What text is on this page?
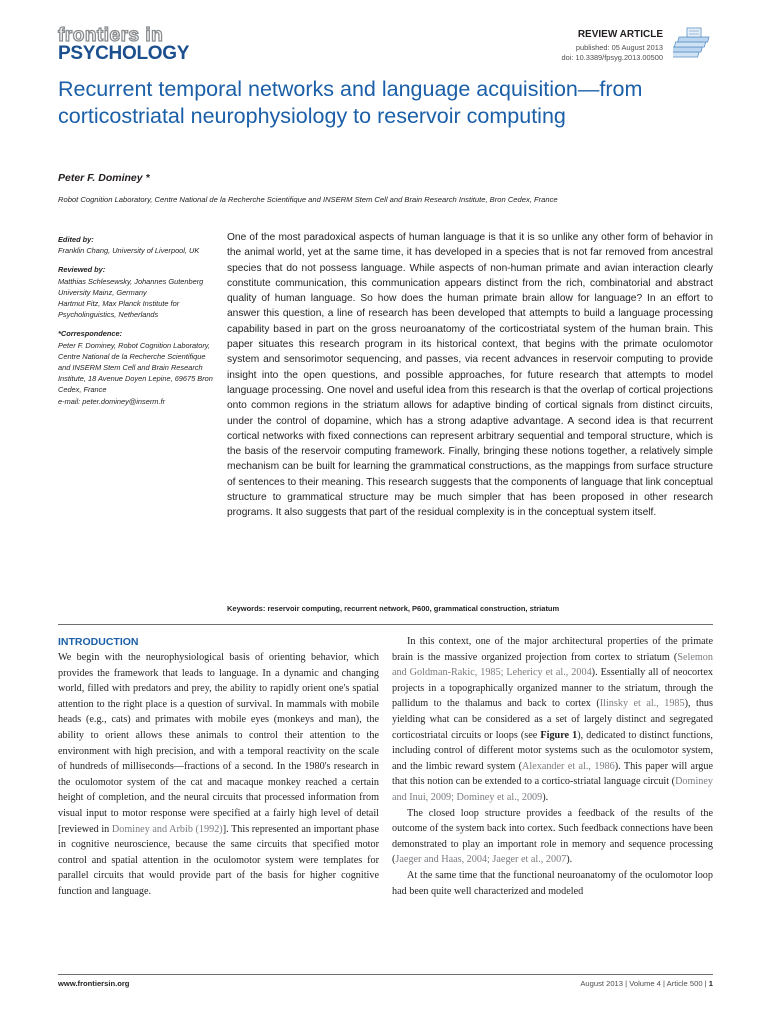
frontiers in
PSYCHOLOGY
REVIEW ARTICLE
published: 05 August 2013
doi: 10.3389/fpsyg.2013.00500
Recurrent temporal networks and language acquisition—from corticostriatal neurophysiology to reservoir computing
Peter F. Dominey *
Robot Cognition Laboratory, Centre National de la Recherche Scientifique and INSERM Stem Cell and Brain Research Institute, Bron Cedex, France
Edited by:
Franklin Chang, University of Liverpool, UK
Reviewed by:
Matthias Schlesewsky, Johannes Gutenberg University Mainz, Germany
Hartmut Fitz, Max Planck Institute for Psycholinguistics, Netherlands
*Correspondence:
Peter F. Dominey, Robot Cognition Laboratory, Centre National de la Recherche Scientifique and INSERM Stem Cell and Brain Research Institute, 18 Avenue Doyen Lepine, 69675 Bron Cedex, France
e-mail: peter.dominey@inserm.fr

One of the most paradoxical aspects of human language is that it is so unlike any other form of behavior in the animal world, yet at the same time, it has developed in a species that is not far removed from ancestral species that do not possess language. While aspects of non-human primate and avian interaction clearly constitute communication, this communication appears distinct from the rich, combinatorial and abstract quality of human language. So how does the human primate brain allow for language? In an effort to answer this question, a line of research has been developed that attempts to build a language processing capability based in part on the gross neuroanatomy of the corticostriatal system of the human brain. This paper situates this research program in its historical context, that begins with the primate oculomotor system and sensorimotor sequencing, and passes, via recent advances in reservoir computing to provide insight into the open questions, and possible approaches, for future research that attempts to model language processing. One novel and useful idea from this research is that the overlap of cortical projections onto common regions in the striatum allows for adaptive binding of cortical signals from distinct circuits, under the control of dopamine, which has a strong adaptive advantage. A second idea is that recurrent cortical networks with fixed connections can represent arbitrary sequential and temporal structure, which is the basis of the reservoir computing framework. Finally, bringing these notions together, a relatively simple mechanism can be built for learning the grammatical constructions, as the mappings from surface structure of sentences to their meaning. This research suggests that the components of language that link conceptual structure to grammatical structure may be much simpler that has been proposed in other research programs. It also suggests that part of the residual complexity is in the conceptual system itself.

Keywords: reservoir computing, recurrent network, P600, grammatical construction, striatum
INTRODUCTION

We begin with the neurophysiological basis of orienting behavior, which provides the framework that leads to language. In a dynamic and changing world, filled with predators and prey, the ability to rapidly orient one's spatial attention to the right place is a question of survival. In mammals with mobile heads (e.g., cats) and primates with mobile eyes (monkeys and man), the ability to orient allows these animals to control their attention to the environment with high precision, and with a temporal reactivity on the scale of hundreds of milliseconds—fractions of a second. In the 1980's research in the oculomotor system of the cat and macaque monkey reached a certain height of completion, and the neural circuits that processed information from visual input to motor response were specified at a fairly high level of detail [reviewed in Dominey and Arbib (1992)]. This represented an important phase in cognitive neuroscience, because the same circuits that specified motor control and spatial attention in the oculomotor system were templates for parallel circuits that would provide part of the basis for higher cognitive function and language.

In this context, one of the major architectural properties of the primate brain is the massive organized projection from cortex to striatum (Selemon and Goldman-Rakic, 1985; Lehericy et al., 2004). Essentially all of neocortex projects in a topographically organized manner to the striatum, through the pallidum to the thalamus and back to cortex (Ilinsky et al., 1985), thus yielding what can be considered as a set of largely distinct and segregated corticostriatal circuits or loops (see Figure 1), dedicated to distinct functions, including control of different motor systems such as the oculomotor system, and the limbic reward system (Alexander et al., 1986). This paper will argue that this notion can be extended to a cortico-striatal language circuit (Dominey and Inui, 2009; Dominey et al., 2009).

The closed loop structure provides a feedback of the results of the outcome of the system back into cortex. Such feedback connections have been demonstrated to play an important role in memory and sequence processing (Jaeger and Haas, 2004; Jaeger et al., 2007).

At the same time that the functional neuroanatomy of the oculomotor loop had been quite well characterized and modeled

www.frontiersin.org	August 2013 | Volume 4 | Article 500 | 1
